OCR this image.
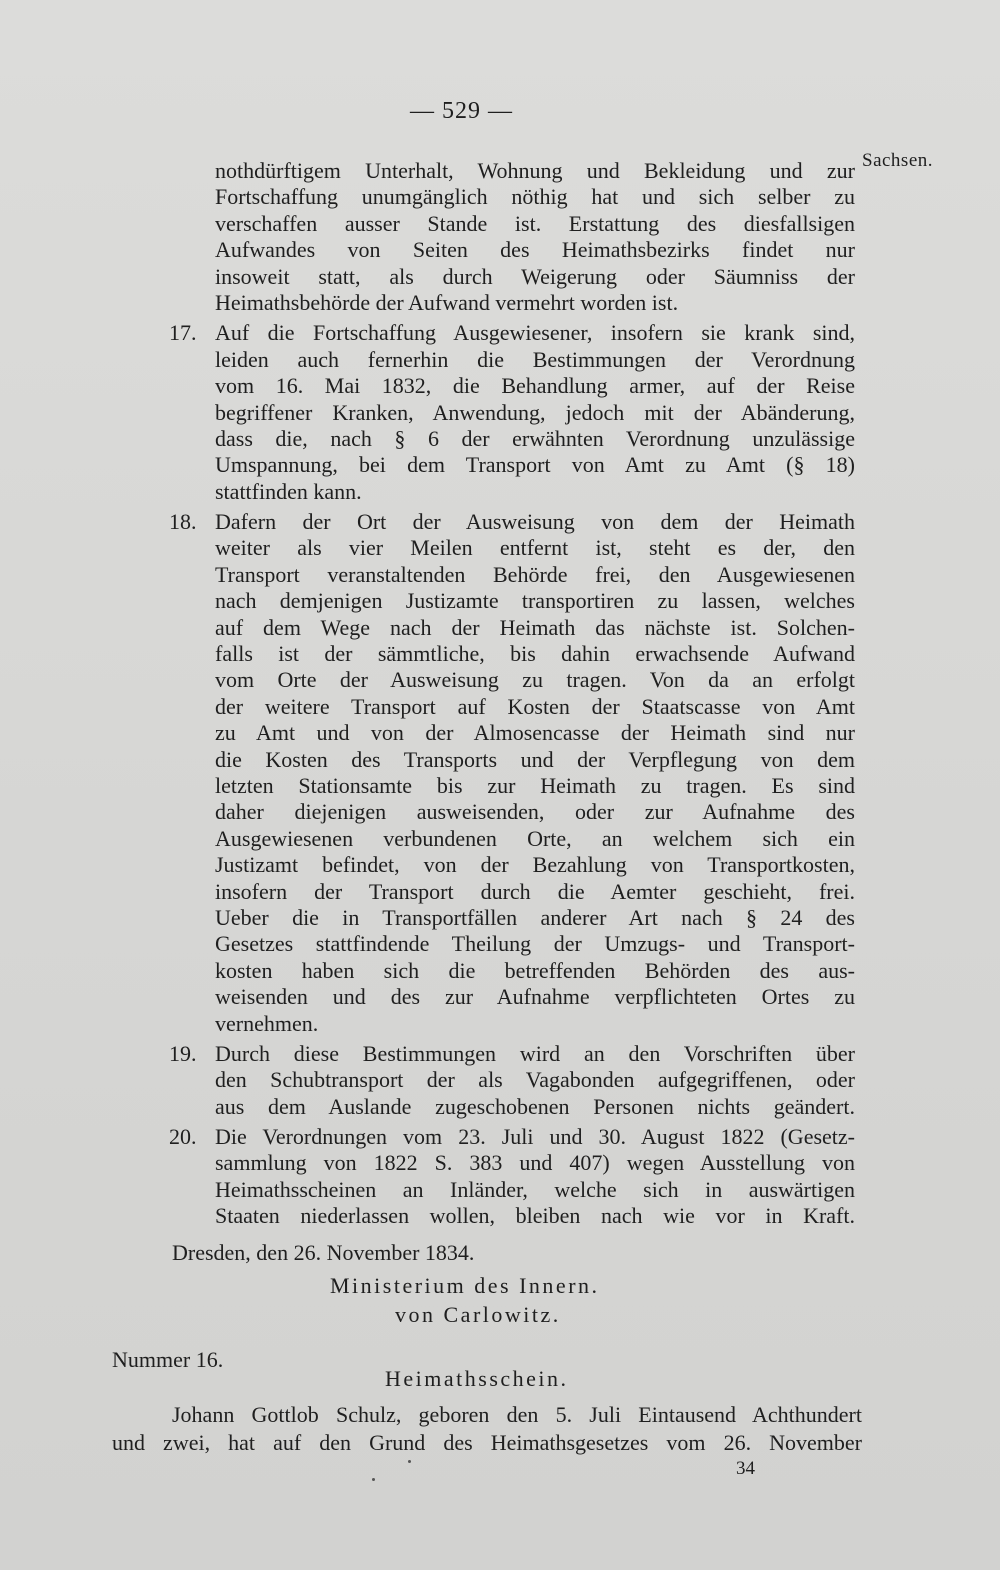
— 529 —
Sachsen.
nothdürftigem Unterhalt, Wohnung und Bekleidung und zur
Fortschaffung unumgänglich nöthig hat und sich selber zu
verschaffen ausser Stande ist. Erstattung des diesfallsigen
Aufwandes von Seiten des Heimathsbezirks findet nur
insoweit statt, als durch Weigerung oder Säumniss der
Heimathsbehörde der Aufwand vermehrt worden ist.
17. Auf die Fortschaffung Ausgewiesener, insofern sie krank sind,
leiden auch fernerhin die Bestimmungen der Verordnung
vom 16. Mai 1832, die Behandlung armer, auf der Reise
begriffener Kranken, Anwendung, jedoch mit der Abänderung,
dass die, nach § 6 der erwähnten Verordnung unzulässige
Umspannung, bei dem Transport von Amt zu Amt (§ 18)
stattfinden kann.
18. Dafern der Ort der Ausweisung von dem der Heimath
weiter als vier Meilen entfernt ist, steht es der, den
Transport veranstaltenden Behörde frei, den Ausgewiesenen
nach demjenigen Justizamte transportiren zu lassen, welches
auf dem Wege nach der Heimath das nächste ist. Solchen-
falls ist der sämmtliche, bis dahin erwachsende Aufwand
vom Orte der Ausweisung zu tragen. Von da an erfolgt
der weitere Transport auf Kosten der Staatscasse von Amt
zu Amt und von der Almosencasse der Heimath sind nur
die Kosten des Transports und der Verpflegung von dem
letzten Stationsamte bis zur Heimath zu tragen. Es sind
daher diejenigen ausweisenden, oder zur Aufnahme des
Ausgewiesenen verbundenen Orte, an welchem sich ein
Justizamt befindet, von der Bezahlung von Transportkosten,
insofern der Transport durch die Aemter geschieht, frei.
Ueber die in Transportfällen anderer Art nach § 24 des
Gesetzes stattfindende Theilung der Umzugs- und Transport-
kosten haben sich die betreffenden Behörden des aus-
weisenden und des zur Aufnahme verpflichteten Ortes zu
vernehmen.
19. Durch diese Bestimmungen wird an den Vorschriften über
den Schubtransport der als Vagabonden aufgegriffenen, oder
aus dem Auslande zugeschobenen Personen nichts geändert.
20. Die Verordnungen vom 23. Juli und 30. August 1822 (Gesetz-
sammlung von 1822 S. 383 und 407) wegen Ausstellung von
Heimathsscheinen an Inländer, welche sich in auswärtigen
Staaten niederlassen wollen, bleiben nach wie vor in Kraft.
Dresden, den 26. November 1834.
Ministerium des Innern.
von Carlowitz.
Nummer 16.
Heimathsschein.
Johann Gottlob Schulz, geboren den 5. Juli Eintausend Achthundert
und zwei, hat auf den Grund des Heimathsgesetzes vom 26. November
34
